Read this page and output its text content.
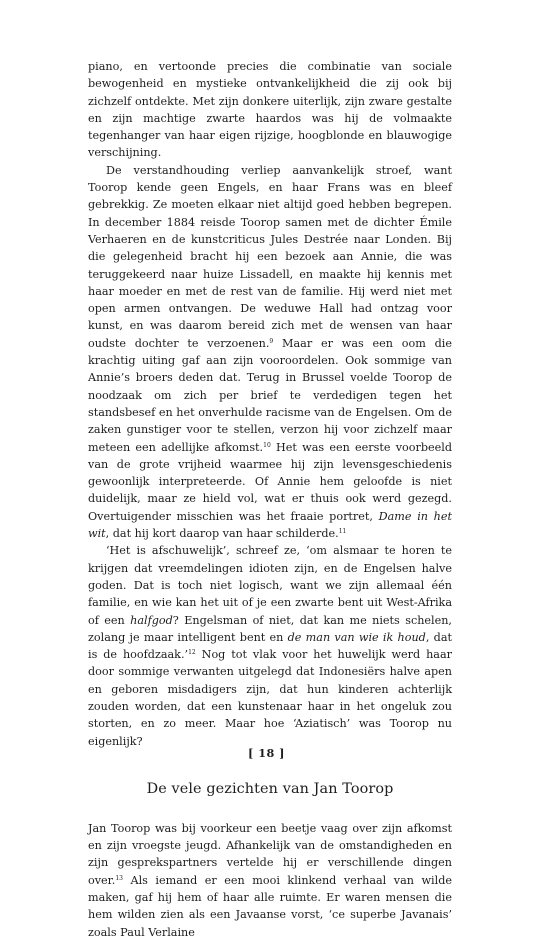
piano, en vertoonde precies die combinatie van sociale bewogenheid en mystieke ontvankelijkheid die zij ook bij zichzelf ontdekte. Met zijn donkere uiterlijk, zijn zware gestalte en zijn machtige zwarte haardos was hij de volmaakte tegenhanger van haar eigen rijzige, hoogblonde en blauwogige verschijning.

De verstandhouding verliep aanvankelijk stroef, want Toorop kende geen Engels, en haar Frans was en bleef gebrekkig. Ze moeten elkaar niet altijd goed hebben begrepen. In december 1884 reisde Toorop samen met de dichter Émile Verhaeren en de kunstcriticus Jules Destrée naar Londen. Bij die gelegenheid bracht hij een bezoek aan Annie, die was teruggekeerd naar huize Lissadell, en maakte hij kennis met haar moeder en met de rest van de familie. Hij werd niet met open armen ontvangen. De weduwe Hall had ontzag voor kunst, en was daarom bereid zich met de wensen van haar oudste dochter te verzoenen.$^9$ Maar er was een oom die krachtig uiting gaf aan zijn vooroordelen. Ook sommige van Annie’s broers deden dat. Terug in Brussel voelde Toorop de noodzaak om zich per brief te verdedigen tegen het standsbesef en het onverhulde racisme van de Engelsen. Om de zaken gunstiger voor te stellen, verzon hij voor zichzelf maar meteen een adellijke afkomst.$^{10}$ Het was een eerste voorbeeld van de grote vrijheid waarmee hij zijn levensgeschiedenis gewoonlijk interpreteerde. Of Annie hem geloofde is niet duidelijk, maar ze hield vol, wat er thuis ook werd gezegd. Overtuigender misschien was het fraaie portret, Dame in het wit, dat hij kort daarop van haar schilderde.$^{11}$

‘Het is afschuwelijk’, schreef ze, ‘om alsmaar te horen te krijgen dat vreemdelingen idioten zijn, en de Engelsen halve goden. Dat is toch niet logisch, want we zijn allemaal één familie, en wie kan het uit of je een zwarte bent uit West-Afrika of een halfgod? Engelsman of niet, dat kan me niets schelen, zolang je maar intelligent bent en de man van wie ik houd, dat is de hoofdzaak.’$^{12}$ Nog tot vlak voor het huwelijk werd haar door sommige verwanten uitgelegd dat Indonesiërs halve apen en geboren misdadigers zijn, dat hun kinderen achterlijk zouden worden, dat een kunstenaar haar in het ongeluk zou storten, en zo meer. Maar hoe ‘Aziatisch’ was Toorop nu eigenlijk?

De vele gezichten van Jan Toorop

Jan Toorop was bij voorkeur een beetje vaag over zijn afkomst en zijn vroegste jeugd. Afhankelijk van de omstandigheden en zijn gesprekspartners vertelde hij er verschillende dingen over.$^{13}$ Als iemand er een mooi klinkend verhaal van wilde maken, gaf hij hem of haar alle ruimte. Er waren mensen die hem wilden zien als een Javaanse vorst, ‘ce superbe Javanais’ zoals Paul Verlaine

[ 18 ]
